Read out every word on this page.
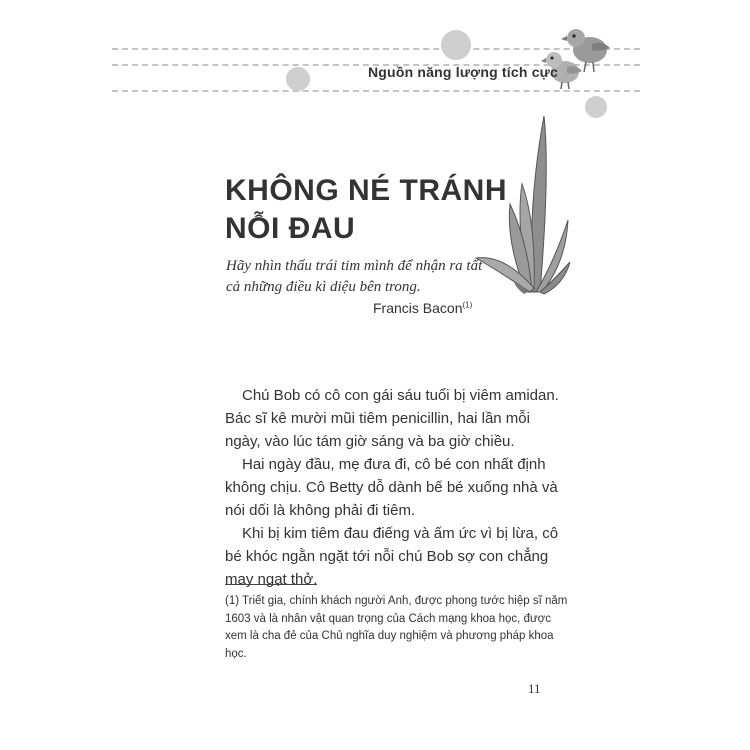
Nguồn năng lượng tích cực
KHÔNG NÉ TRÁNH
NỖI ĐAU
Hãy nhìn thấu trái tim mình để nhận ra tất cả những điều kì diệu bên trong.
Francis Bacon$^{(1)}$

Chú Bob có cô con gái sáu tuổi bị viêm amidan. Bác sĩ kê mười mũi tiêm penicillin, hai lần mỗi ngày, vào lúc tám giờ sáng và ba giờ chiều.

Hai ngày đầu, mẹ đưa đi, cô bé con nhất định không chịu. Cô Betty dỗ dành bế bé xuống nhà và nói dối là không phải đi tiêm.

Khi bị kim tiêm đau điếng và ấm ức vì bị lừa, cô bé khóc ngằn ngặt tới nỗi chú Bob sợ con chẳng may ngạt thở.

(1) Triết gia, chính khách người Anh, được phong tước hiệp sĩ năm 1603 và là nhân vật quan trọng của Cách mạng khoa học, được xem là cha đẻ của Chủ nghĩa duy nghiệm và phương pháp khoa học.
11
